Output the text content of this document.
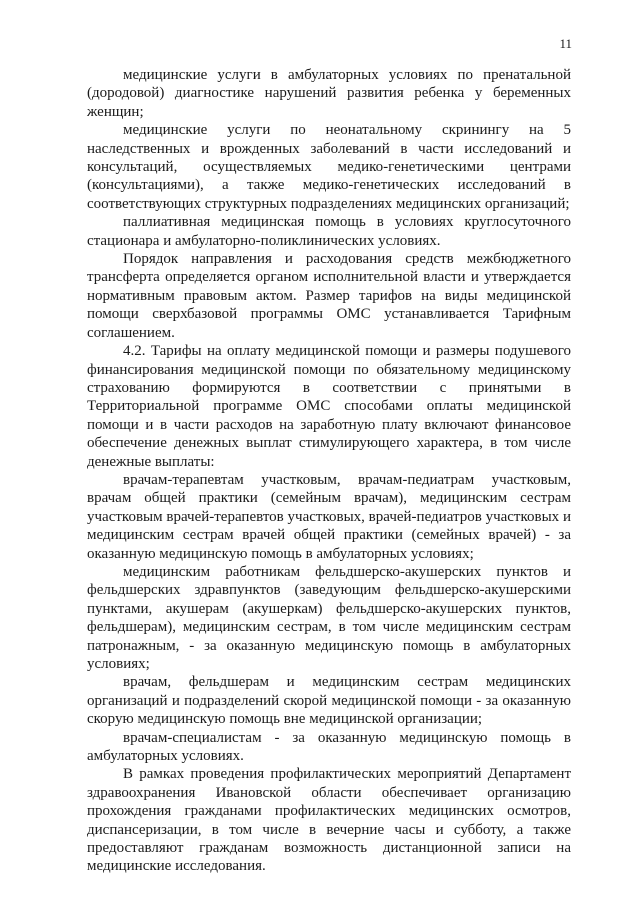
11

медицинские услуги в амбулаторных условиях по пренатальной (дородовой) диагностике нарушений развития ребенка у беременных женщин;

медицинские услуги по неонатальному скринингу на 5 наследственных и врожденных заболеваний в части исследований и консультаций, осуществляемых медико-генетическими центрами (консультациями), а также медико-генетических исследований в соответствующих структурных подразделениях медицинских организаций;

паллиативная медицинская помощь в условиях круглосуточного стационара и амбулаторно-поликлинических условиях.

Порядок направления и расходования средств межбюджетного трансферта определяется органом исполнительной власти и утверждается нормативным правовым актом. Размер тарифов на виды медицинской помощи сверхбазовой программы ОМС устанавливается Тарифным соглашением.

4.2. Тарифы на оплату медицинской помощи и размеры подушевого финансирования медицинской помощи по обязательному медицинскому страхованию формируются в соответствии с принятыми в Территориальной программе ОМС способами оплаты медицинской помощи и в части расходов на заработную плату включают финансовое обеспечение денежных выплат стимулирующего характера, в том числе денежные выплаты:

врачам-терапевтам участковым, врачам-педиатрам участковым, врачам общей практики (семейным врачам), медицинским сестрам участковым врачей-терапевтов участковых, врачей-педиатров участковых и медицинским сестрам врачей общей практики (семейных врачей) - за оказанную медицинскую помощь в амбулаторных условиях;

медицинским работникам фельдшерско-акушерских пунктов и фельдшерских здравпунктов (заведующим фельдшерско-акушерскими пунктами, акушерам (акушеркам) фельдшерско-акушерских пунктов, фельдшерам), медицинским сестрам, в том числе медицинским сестрам патронажным, - за оказанную медицинскую помощь в амбулаторных условиях;

врачам, фельдшерам и медицинским сестрам медицинских организаций и подразделений скорой медицинской помощи - за оказанную скорую медицинскую помощь вне медицинской организации;

врачам-специалистам - за оказанную медицинскую помощь в амбулаторных условиях.

В рамках проведения профилактических мероприятий Департамент здравоохранения Ивановской области обеспечивает организацию прохождения гражданами профилактических медицинских осмотров, диспансеризации, в том числе в вечерние часы и субботу, а также предоставляют гражданам возможность дистанционной записи на медицинские исследования.
